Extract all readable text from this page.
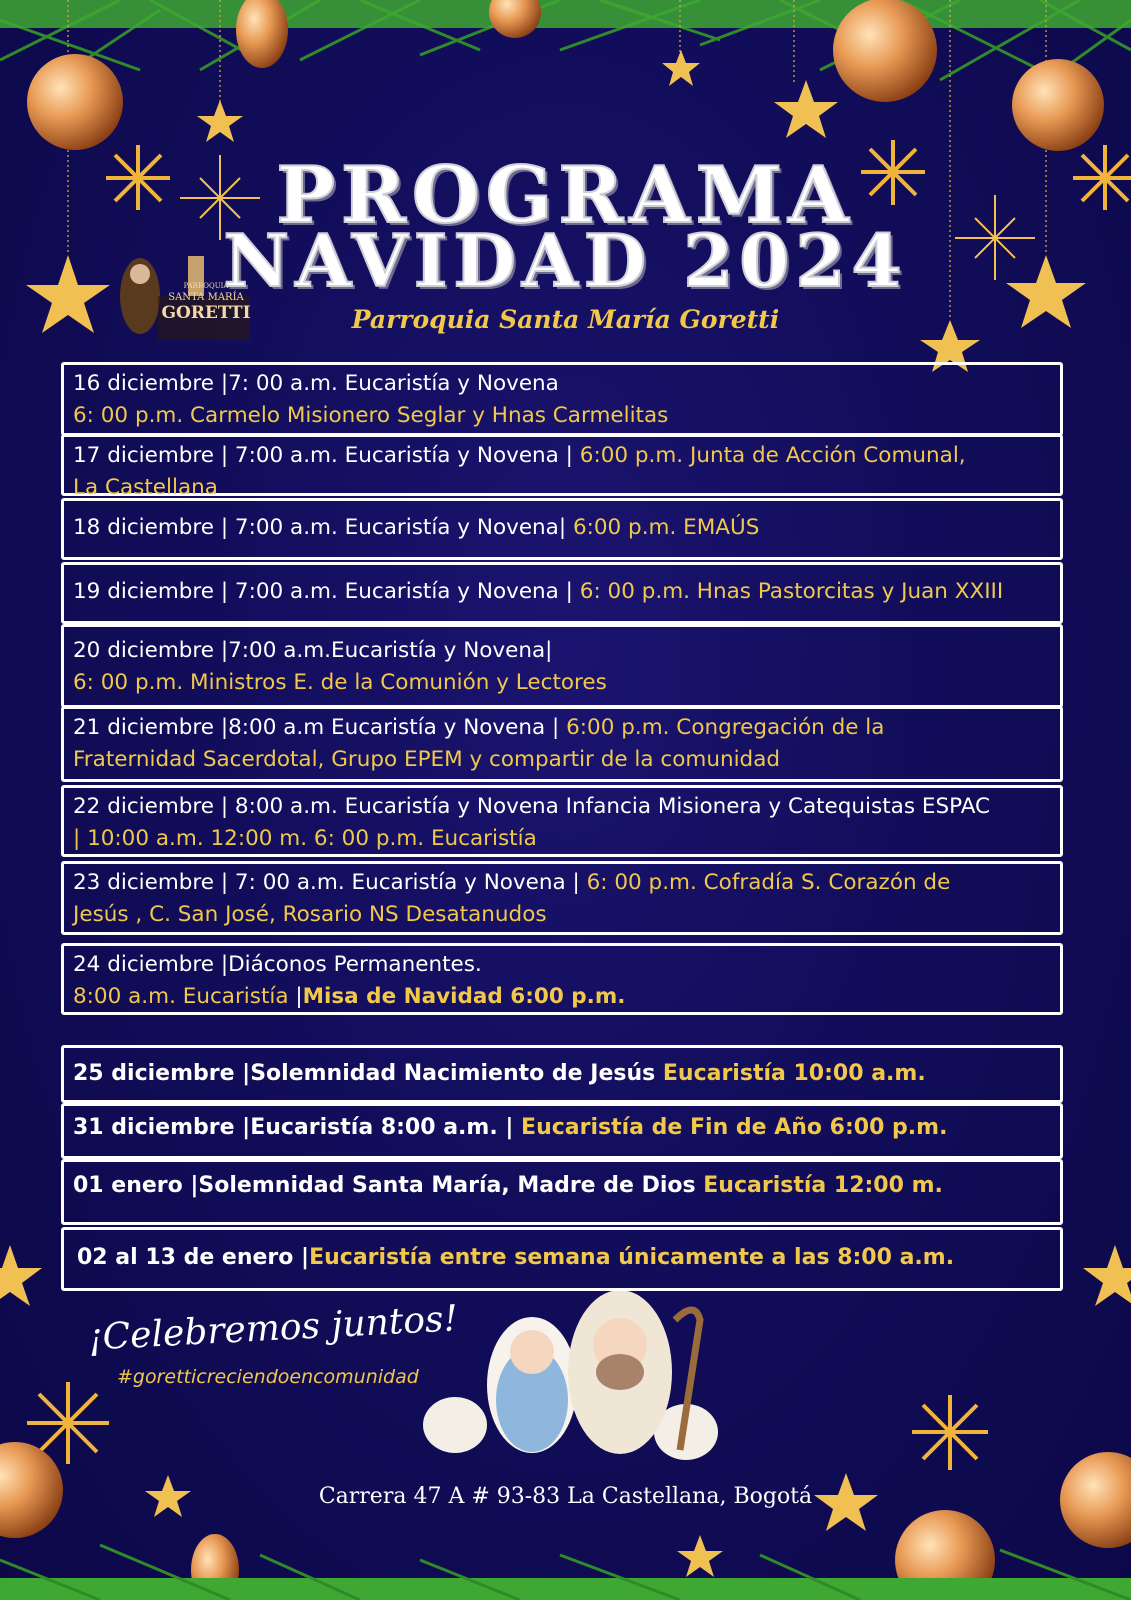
PARROQUIA
SANTA MARÍA
GORETTI
PROGRAMA
NAVIDAD 2024
Parroquia Santa María Goretti
16 diciembre |7: 00 a.m. Eucaristía y Novena
6: 00 p.m. Carmelo Misionero Seglar y Hnas Carmelitas
17 diciembre | 7:00 a.m. Eucaristía y Novena | 6:00 p.m. Junta de Acción Comunal,
La Castellana
18 diciembre | 7:00 a.m. Eucaristía y Novena| 6:00 p.m. EMAÚS
19 diciembre | 7:00 a.m. Eucaristía y Novena | 6: 00 p.m. Hnas Pastorcitas y Juan XXIII
20 diciembre |7:00 a.m.Eucaristía y Novena|
6: 00 p.m. Ministros E. de la Comunión y Lectores
21 diciembre |8:00 a.m Eucaristía y Novena | 6:00 p.m. Congregación de la
Fraternidad Sacerdotal, Grupo EPEM y compartir de la comunidad
22 diciembre | 8:00 a.m. Eucaristía y Novena Infancia Misionera y Catequistas ESPAC
| 10:00 a.m. 12:00 m. 6: 00 p.m. Eucaristía
23 diciembre | 7: 00 a.m. Eucaristía y Novena | 6: 00 p.m. Cofradía S. Corazón de
Jesús , C. San José, Rosario NS Desatanudos
24 diciembre |Diáconos Permanentes.
8:00 a.m. Eucaristía |Misa de Navidad 6:00 p.m.
25 diciembre |Solemnidad Nacimiento de Jesús Eucaristía 10:00 a.m.
31 diciembre |Eucaristía 8:00 a.m. | Eucaristía de Fin de Año 6:00 p.m.
01 enero |Solemnidad Santa María, Madre de Dios Eucaristía 12:00 m.
02 al 13 de enero |Eucaristía entre semana únicamente a las 8:00 a.m.
¡Celebremos juntos!
#goretticreciendoencomunidad
Carrera 47 A # 93-83 La Castellana, Bogotá
